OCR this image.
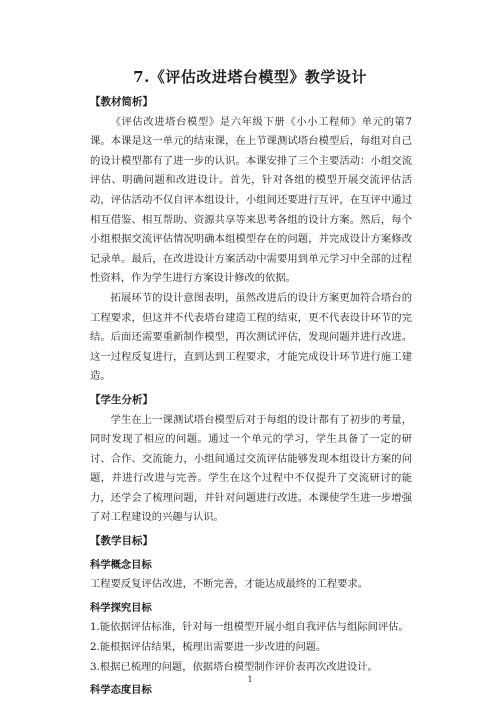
7.《评估改进塔台模型》教学设计

【教材简析】

《评估改进塔台模型》是六年级下册《小小工程师》单元的第7课。本课是这一单元的结束课，在上节课测试塔台模型后，每组对自己的设计模型都有了进一步的认识。本课安排了三个主要活动：小组交流评估、明确问题和改进设计。首先，针对各组的模型开展交流评估活动，评估活动不仅自评本组设计，小组间还要进行互评，在互评中通过相互借鉴、相互帮助、资源共享等来思考各组的设计方案。然后，每个小组根据交流评估情况明确本组模型存在的问题，并完成设计方案修改记录单。最后，在改进设计方案活动中需要用到单元学习中全部的过程性资料，作为学生进行方案设计修改的依据。

拓展环节的设计意图表明，虽然改进后的设计方案更加符合塔台的工程要求，但这并不代表塔台建造工程的结束，更不代表设计环节的完结。后面还需要重新制作模型，再次测试评估，发现问题并进行改进。这一过程反复进行，直到达到工程要求，才能完成设计环节进行施工建造。

【学生分析】

学生在上一课测试塔台模型后对于每组的设计都有了初步的考量，同时发现了相应的问题。通过一个单元的学习，学生具备了一定的研讨、合作、交流能力，小组间通过交流评估能够发现本组设计方案的问题，并进行改进与完善。学生在这个过程中不仅提升了交流研讨的能力，还学会了梳理问题，并针对问题进行改进。本课使学生进一步增强了对工程建设的兴趣与认识。

【教学目标】

科学概念目标

工程要反复评估改进，不断完善，才能达成最终的工程要求。

科学探究目标

1.能依据评估标准，针对每一组模型开展小组自我评估与组际间评估。

2.能根据评估结果，梳理出需要进一步改进的问题。

3.根据已梳理的问题，依据塔台模型制作评价表再次改进设计。

科学态度目标

1
